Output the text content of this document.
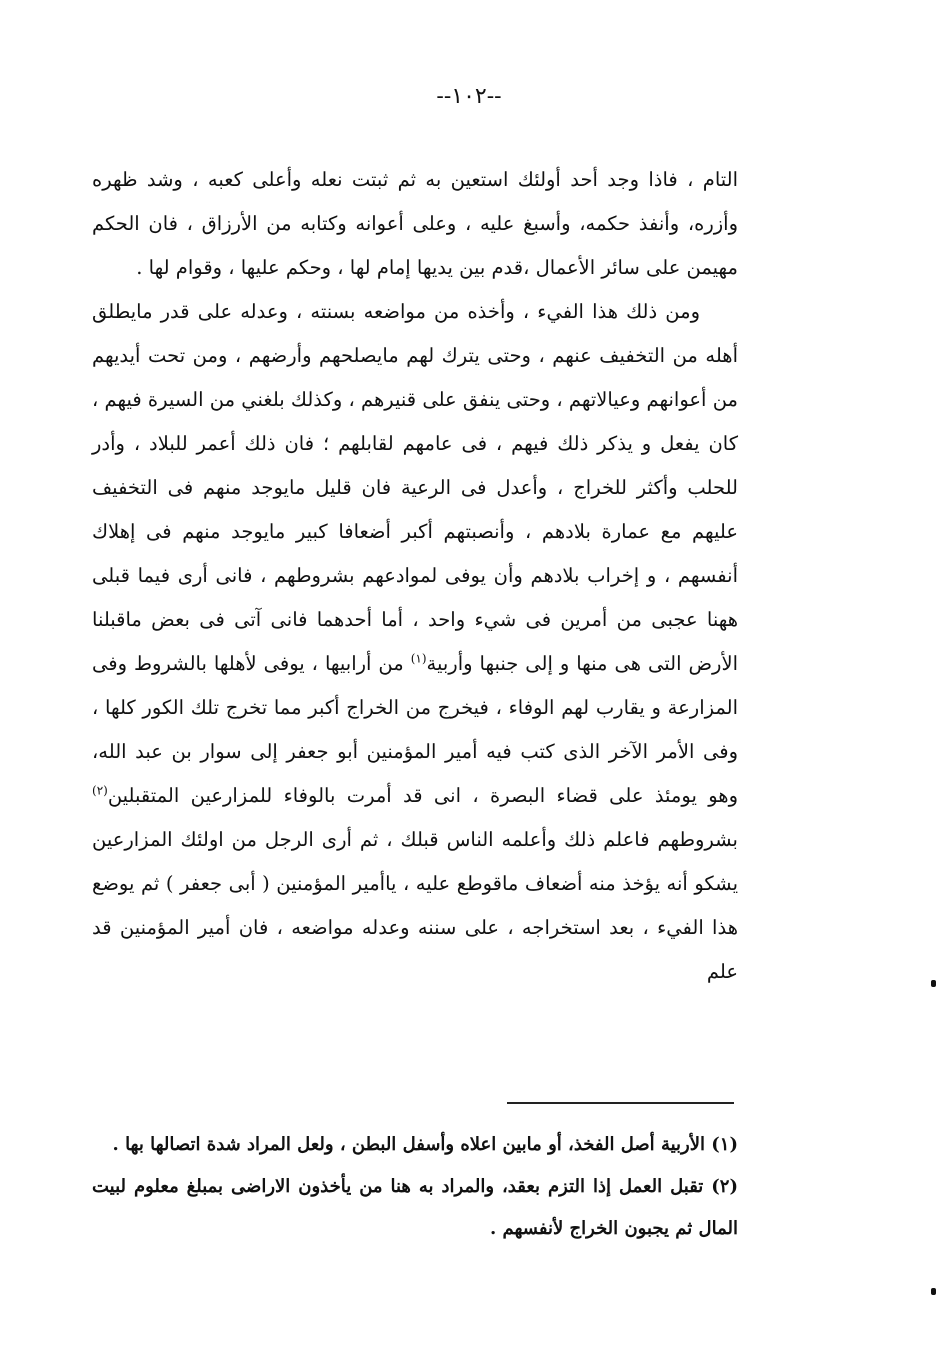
--١٠٢--

التام ، فاذا وجد أحد أولئك استعين به ثم ثبتت نعله وأعلى كعبه ، وشد ظهره وأزره، وأنفذ حكمه، وأسبغ عليه ، وعلى أعوانه وكتابه من الأرزاق ، فان الحكم مهيمن على سائر الأعمال ،قدم بين يديها إمام لها ، وحكم عليها ، وقوام لها .

ومن ذلك هذا الفيء ، وأخذه من مواضعه بسنته ، وعدله على قدر مايطلق أهله من التخفيف عنهم ، وحتى يترك لهم مايصلحهم وأرضهم ، ومن تحت أيديهم من أعوانهم وعيالاتهم ، وحتى ينفق على قنيرهم ، وكذلك بلغني من السيرة فيهم ، كان يفعل و يذكر ذلك فيهم ، فى عامهم لقابلهم ؛ فان ذلك أعمر للبلاد ، وأدر للحلب وأكثر للخراج ، وأعدل فى الرعية فان قليل مايوجد منهم فى التخفيف عليهم مع عمارة بلادهم ، وأنصبتهم أكبر أضعافا كبير مايوجد منهم فى إهلاك أنفسهم ، و إخراب بلادهم وأن يوفى لموادعهم بشروطهم ، فانى أرى فيما قبلى ههنا عجبى من أمرين فى شيء واحد ، أما أحدهما فانى آتى فى بعض ماقبلنا الأرض التى هى منها و إلى جنبها وأربية$^{(١)}$ من أرابيها ، يوفى لأهلها بالشروط وفى المزارعة و يقارب لهم الوفاء ، فيخرج من الخراج أكبر مما تخرج تلك الكور كلها ، وفى الأمر الآخر الذى كتب فيه أمير المؤمنين أبو جعفر إلى سوار بن عبد الله، وهو يومئذ على قضاء البصرة ، انى قد أمرت بالوفاء للمزارعين المتقبلين$^{(٢)}$ بشروطهم فاعلم ذلك وأعلمه الناس قبلك ، ثم أرى الرجل من اولئك المزارعين يشكو أنه يؤخذ منه أضعاف ماقوطع عليه ، ياأمير المؤمنين ( أبى جعفر ) ثم يوضع هذا الفيء ، بعد استخراجه ، على سننه وعدله مواضعه ، فان أمير المؤمنين قد علم

(١) الأربية أصل الفخذ، أو مابين اعلاه وأسفل البطن ، ولعل المراد شدة اتصالها بها .

(٢) تقبل العمل إذا التزم بعقد، والمراد به هنا من يأخذون الاراضى بمبلغ معلوم لبيت المال ثم يجبون الخراج لأنفسهم .
